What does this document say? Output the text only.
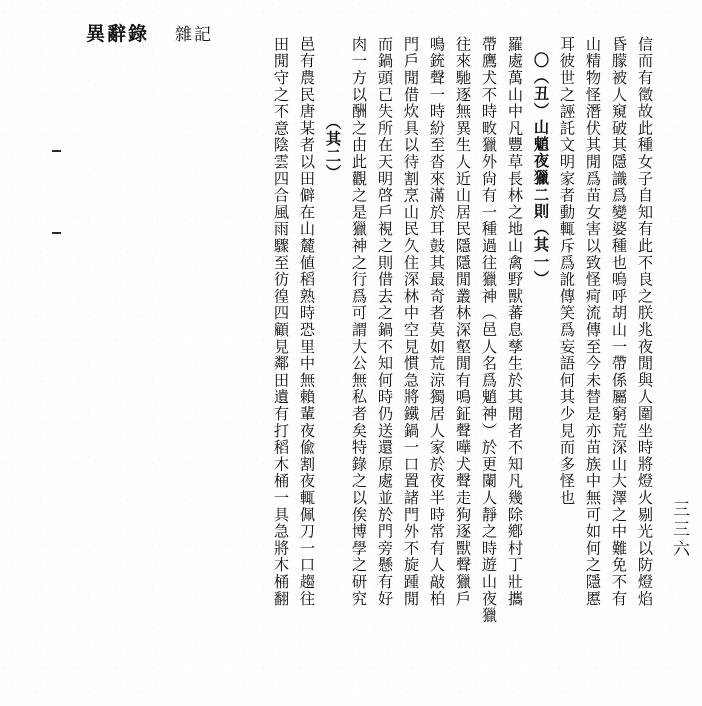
異辭錄 雜記
三三六
信而有徵故此種女子自知有此不良之朕兆夜閒與人圍坐時將燈火剔光以防燈焰
昏朦被人窺破其隱識爲變婆種也嗚呼胡山一帶係屬窮荒深山大澤之中難免不有
山精物怪潛伏其閒爲苗女害以致怪疴流傳至今未替是亦苗族中無可如何之隱慝
耳彼世之誣託文明家者動輒斥爲訛傳笑爲妄語何其少見而多怪也
〇（丑）山魈夜獵二則（其一）
羅處萬山中凡豐草長林之地山禽野獸蕃息孳生於其閒者不知凡幾除鄕村丁壯攜
帶鷹犬不時畋獵外尙有一種過往獵神（邑人名爲魈神）於更闌人靜之時遊山夜獵
往來馳逐無異生人近山居民隱隱閒叢林深壑閒有鳴鉦聲嘩犬聲走狗逐獸聲獵戶
鳴銃聲一時紛至沓來滿於耳鼓其最奇者莫如荒涼獨居人家於夜半時常有人敲柏
門戶閒借炊具以待割烹山民久住深林中空見慣急將鐵鍋一口置諸門外不旋踵閒
而鍋頭已失所在天明啓戶視之則借去之鍋不知何時仍送還原處並於門旁懸有好
肉一方以酬之由此觀之是獵神之行爲可謂大公無私者矣特錄之以俟博學之研究
（其二）
邑有農民唐某者以田僻在山麓値稻熟時恐里中無賴輩夜偸割夜輒佩刀一口趨往
田閒守之不意陰雲四合風雨驟至彷徨四顧見鄰田遺有打稻木桶一具急將木桶翻
